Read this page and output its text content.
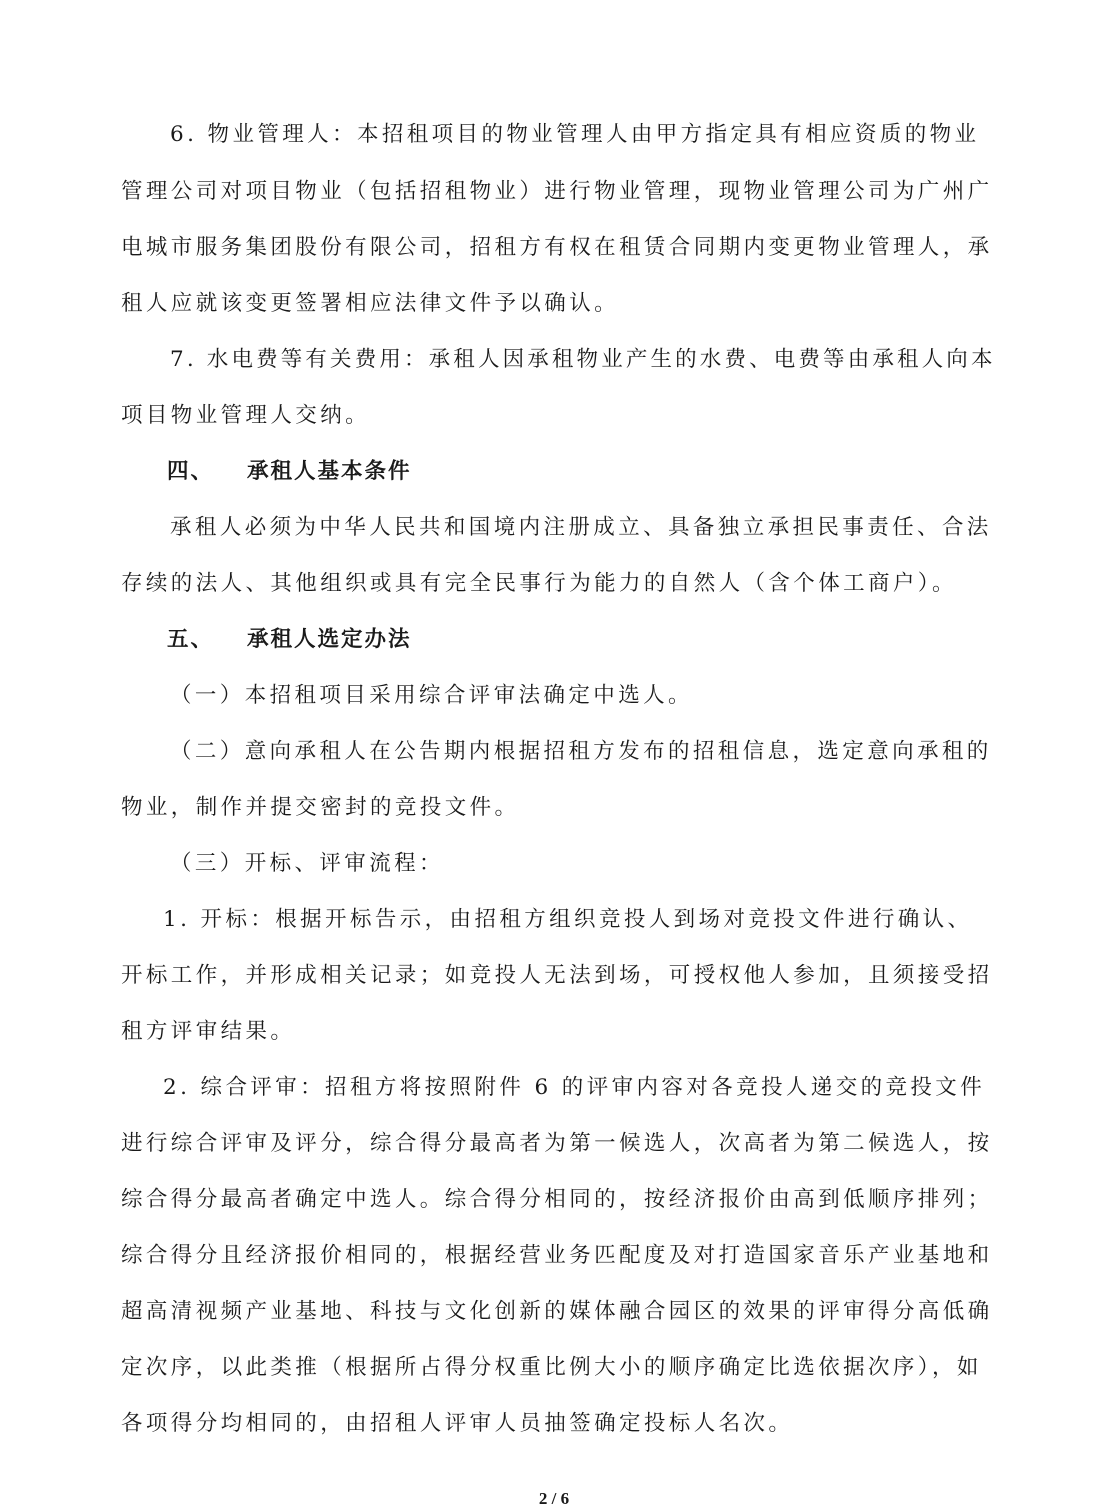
6. 物业管理人：本招租项目的物业管理人由甲方指定具有相应资质的物业
管理公司对项目物业（包括招租物业）进行物业管理，现物业管理公司为广州广
电城市服务集团股份有限公司，招租方有权在租赁合同期内变更物业管理人，承
租人应就该变更签署相应法律文件予以确认。
7. 水电费等有关费用：承租人因承租物业产生的水费、电费等由承租人向本
项目物业管理人交纳。
四、 承租人基本条件
承租人必须为中华人民共和国境内注册成立、具备独立承担民事责任、合法
存续的法人、其他组织或具有完全民事行为能力的自然人（含个体工商户）。
五、 承租人选定办法
（一）本招租项目采用综合评审法确定中选人。
（二）意向承租人在公告期内根据招租方发布的招租信息，选定意向承租的
物业，制作并提交密封的竞投文件。
（三）开标、评审流程：
1. 开标：根据开标告示，由招租方组织竞投人到场对竞投文件进行确认、
开标工作，并形成相关记录；如竞投人无法到场，可授权他人参加，且须接受招
租方评审结果。
2. 综合评审：招租方将按照附件 6 的评审内容对各竞投人递交的竞投文件
进行综合评审及评分，综合得分最高者为第一候选人，次高者为第二候选人，按
综合得分最高者确定中选人。综合得分相同的，按经济报价由高到低顺序排列；
综合得分且经济报价相同的，根据经营业务匹配度及对打造国家音乐产业基地和
超高清视频产业基地、科技与文化创新的媒体融合园区的效果的评审得分高低确
定次序，以此类推（根据所占得分权重比例大小的顺序确定比选依据次序），如
各项得分均相同的，由招租人评审人员抽签确定投标人名次。
2 / 6
